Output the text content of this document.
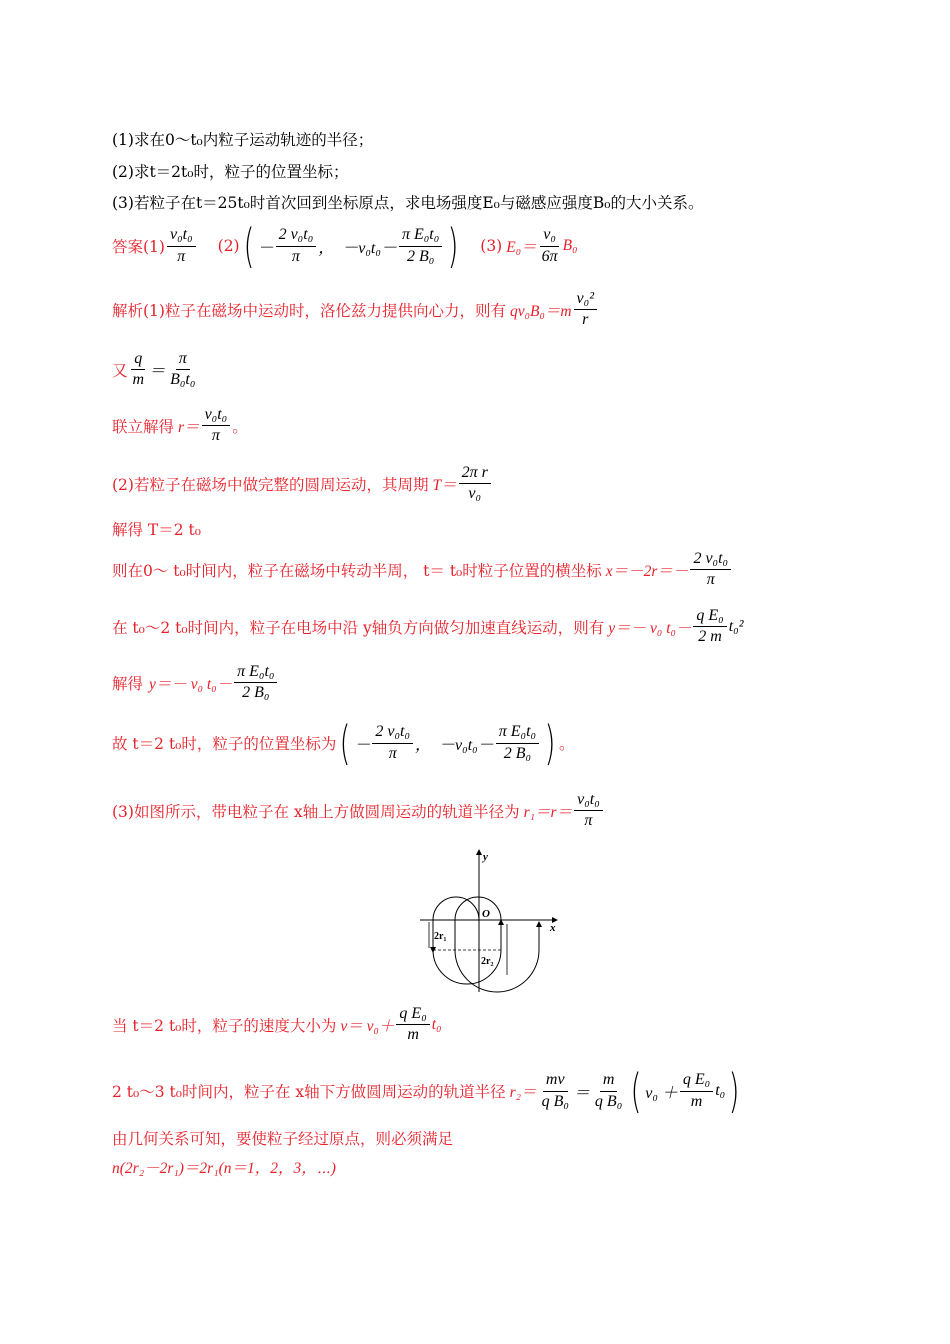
(1)求在0～t₀内粒子运动轨迹的半径；
(2)求t＝2t₀时，粒子的位置坐标；
(3)若粒子在t＝25t₀时首次回到坐标原点，求电场强度E₀与磁感应强度B₀的大小关系。
答案$(1) \frac{\text{v₀t₀}}{\pi} (2)$ ( － $\frac{\text{2 v₀t₀}}{\pi}$ ， $-v_0t_0- \frac{\text{π E₀t₀}}{\text{2 B₀}}$ ) (3) $E_0= \frac{\text{v₀}}{6\pi} B_0$
解析(1)粒子在磁场中运动时，洛伦兹力提供向心力，则有 $qv_0B_0=m \frac{\text{v₀²}}{r}$
又 $\frac{q}{m} = \frac{\pi}{\text{B₀t₀}}$
联立解得 $r= \frac{\text{v₀t₀}}{\pi}$ 。
(2)若粒子在磁场中做完整的圆周运动，其周期 $T= \frac{\text{2π r}}{\text{v₀}}$
解得 T＝2 t₀
则在0～ t₀时间内，粒子在磁场中转动半周， t＝ t₀时粒子位置的横坐标 $x=-2r=- \frac{\text{2 v₀t₀}}{\pi}$
在 t₀～2 t₀时间内，粒子在电场中沿 y轴负方向做匀加速直线运动，则有 y＝－ v₀ $t_0- \frac{\text{q E₀}}{2 m} t_0^2$
解得 y＝－ v₀ $t_0- \frac{\text{π E₀t₀}}{\text{2 B₀}}$
故 t＝2 t₀时，粒子的位置坐标为 ( － $\frac{\text{2 v₀t₀}}{\pi}$ ， $-v_0t_0- \frac{\text{π E₀t₀}}{\text{2 B₀}}$ ) 。
(3)如图所示，带电粒子在 x轴上方做圆周运动的轨道半径为 $r_1=r= \frac{\text{v₀t₀}}{\pi}$
y
x
O
2r₁
2r₂
当 t＝2 t₀时，粒子的速度大小为 $v= v_0+ \frac{\text{q E₀}}{m} t_0$
2 t₀～3 t₀时间内，粒子在 x轴下方做圆周运动的轨道半径 $r_2= \frac{mv}{\text{q B₀}} = \frac{m}{\text{q B₀}}$ ( $v_0 + \frac{\text{q E₀}}{m} t_0$ )
由几何关系可知，要使粒子经过原点，则必须满足
n(2r₂－2r₁)＝2r₁(n＝1，2，3，⋯)
